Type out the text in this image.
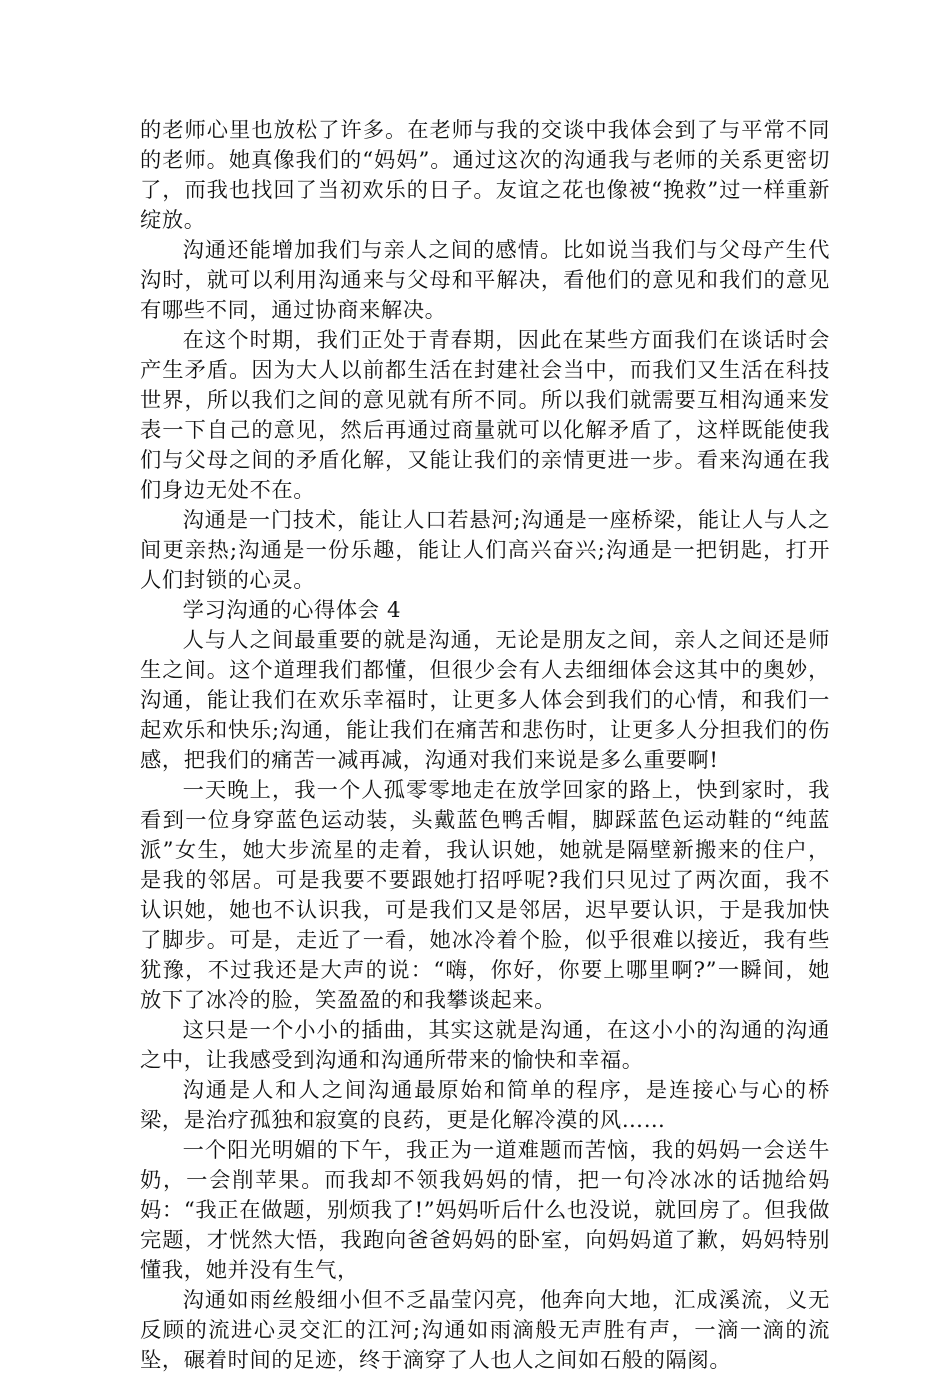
的老师心里也放松了许多。在老师与我的交谈中我体会到了与平常不同的老师。她真像我们的“妈妈”。通过这次的沟通我与老师的关系更密切了，而我也找回了当初欢乐的日子。友谊之花也像被“挽救”过一样重新绽放。

沟通还能增加我们与亲人之间的感情。比如说当我们与父母产生代沟时，就可以利用沟通来与父母和平解决，看他们的意见和我们的意见有哪些不同，通过协商来解决。

在这个时期，我们正处于青春期，因此在某些方面我们在谈话时会产生矛盾。因为大人以前都生活在封建社会当中，而我们又生活在科技世界，所以我们之间的意见就有所不同。所以我们就需要互相沟通来发表一下自己的意见，然后再通过商量就可以化解矛盾了，这样既能使我们与父母之间的矛盾化解，又能让我们的亲情更进一步。看来沟通在我们身边无处不在。

沟通是一门技术，能让人口若悬河;沟通是一座桥梁，能让人与人之间更亲热;沟通是一份乐趣，能让人们高兴奋兴;沟通是一把钥匙，打开人们封锁的心灵。

学习沟通的心得体会 4

人与人之间最重要的就是沟通，无论是朋友之间，亲人之间还是师生之间。这个道理我们都懂，但很少会有人去细细体会这其中的奥妙，沟通，能让我们在欢乐幸福时，让更多人体会到我们的心情，和我们一起欢乐和快乐;沟通，能让我们在痛苦和悲伤时，让更多人分担我们的伤感，把我们的痛苦一减再减，沟通对我们来说是多么重要啊!

一天晚上，我一个人孤零零地走在放学回家的路上，快到家时，我看到一位身穿蓝色运动装，头戴蓝色鸭舌帽，脚踩蓝色运动鞋的“纯蓝派”女生，她大步流星的走着，我认识她，她就是隔壁新搬来的住户，是我的邻居。可是我要不要跟她打招呼呢?我们只见过了两次面，我不认识她，她也不认识我，可是我们又是邻居，迟早要认识，于是我加快了脚步。可是，走近了一看，她冰冷着个脸，似乎很难以接近，我有些犹豫，不过我还是大声的说：“嗨，你好，你要上哪里啊?”一瞬间，她放下了冰冷的脸，笑盈盈的和我攀谈起来。

这只是一个小小的插曲，其实这就是沟通，在这小小的沟通的沟通之中，让我感受到沟通和沟通所带来的愉快和幸福。

沟通是人和人之间沟通最原始和简单的程序，是连接心与心的桥梁，是治疗孤独和寂寞的良药，更是化解冷漠的风……

一个阳光明媚的下午，我正为一道难题而苦恼，我的妈妈一会送牛奶，一会削苹果。而我却不领我妈妈的情，把一句冷冰冰的话抛给妈妈：“我正在做题，别烦我了!”妈妈听后什么也没说，就回房了。但我做完题，才恍然大悟，我跑向爸爸妈妈的卧室，向妈妈道了歉，妈妈特别懂我，她并没有生气，

沟通如雨丝般细小但不乏晶莹闪亮，他奔向大地，汇成溪流，义无反顾的流进心灵交汇的江河;沟通如雨滴般无声胜有声，一滴一滴的流坠，碾着时间的足迹，终于滴穿了人也人之间如石般的隔阂。
